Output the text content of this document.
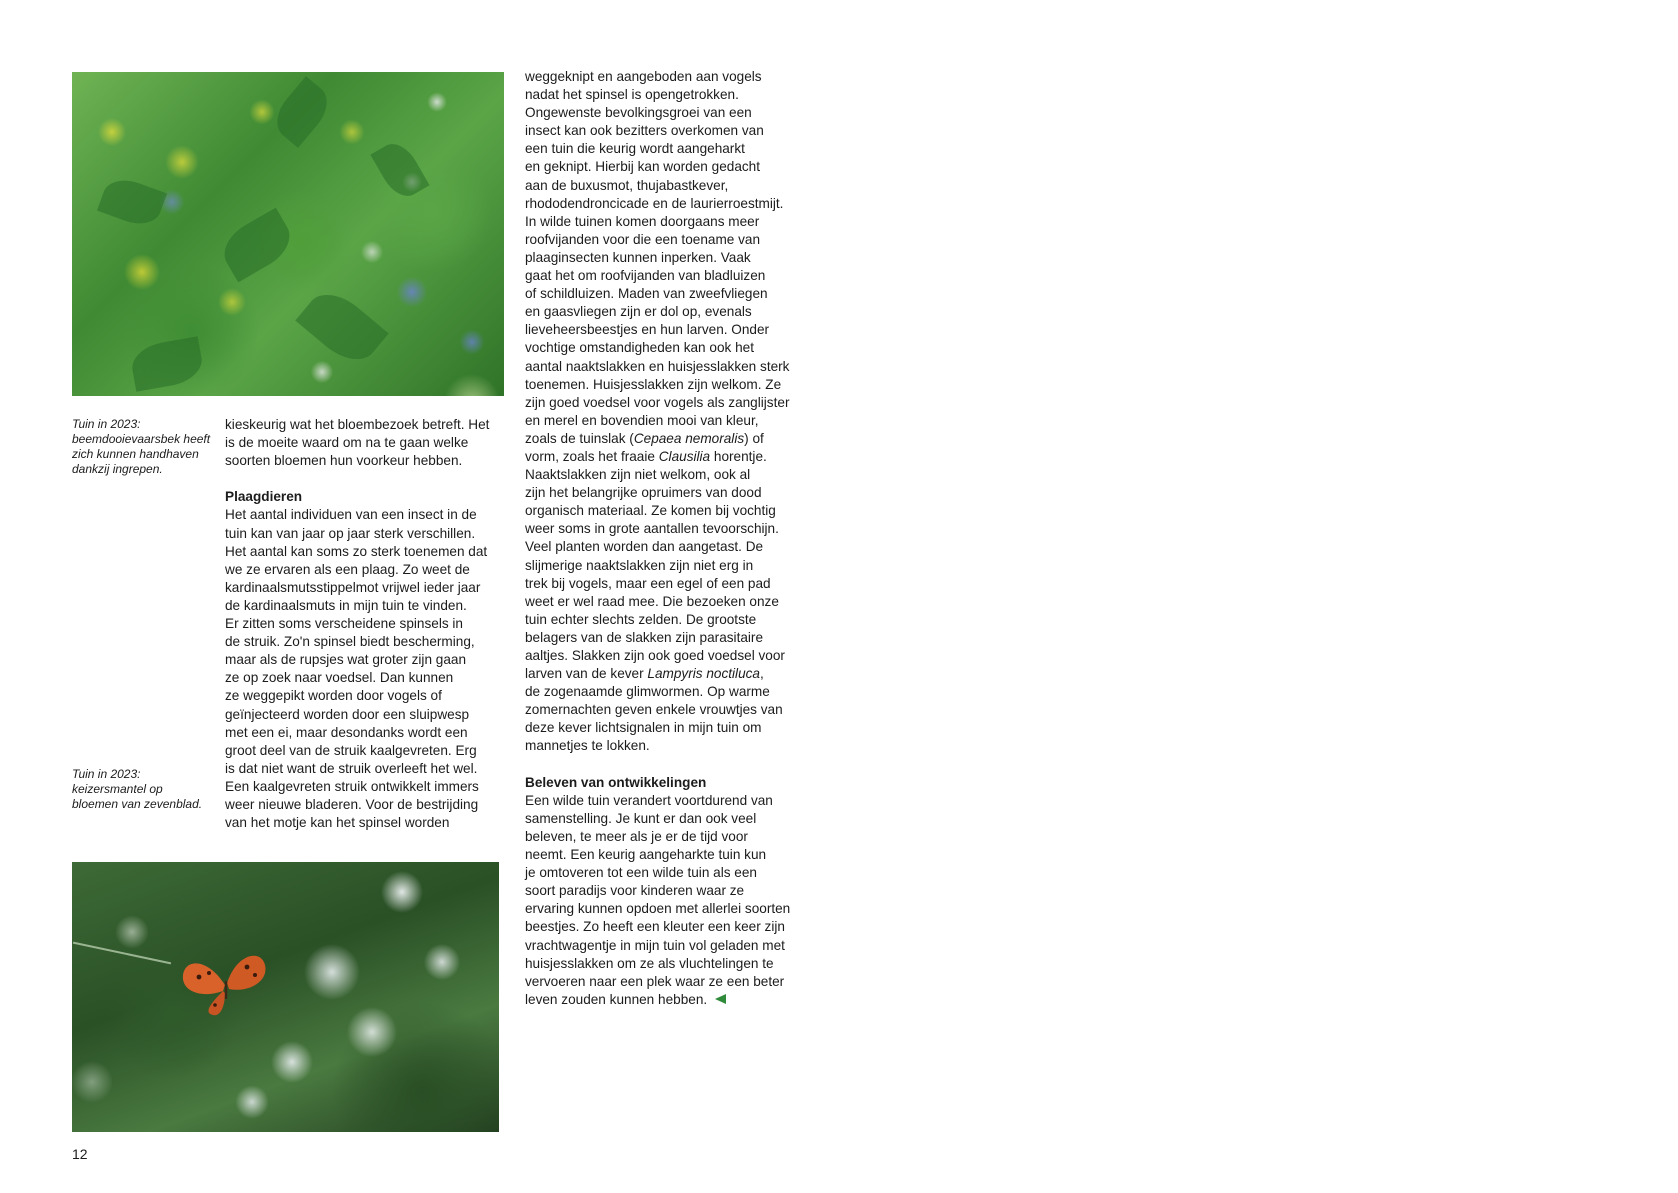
Tuin in 2023: beemdooievaarsbek heeft zich kunnen handhaven dankzij ingrepen.
Tuin in 2023: keizersmantel op bloemen van zevenblad.

kieskeurig wat het bloembezoek betreft. Het

is de moeite waard om na te gaan welke

soorten bloemen hun voorkeur hebben.

Plaagdieren

Het aantal individuen van een insect in de

tuin kan van jaar op jaar sterk verschillen.

Het aantal kan soms zo sterk toenemen dat

we ze ervaren als een plaag. Zo weet de

kardinaalsmutsstippelmot vrijwel ieder jaar

de kardinaalsmuts in mijn tuin te vinden.

Er zitten soms verscheidene spinsels in

de struik. Zo'n spinsel biedt bescherming,

maar als de rupsjes wat groter zijn gaan

ze op zoek naar voedsel. Dan kunnen

ze weggepikt worden door vogels of

geïnjecteerd worden door een sluipwesp

met een ei, maar desondanks wordt een

groot deel van de struik kaalgevreten. Erg

is dat niet want de struik overleeft het wel.

Een kaalgevreten struik ontwikkelt immers

weer nieuwe bladeren. Voor de bestrijding

van het motje kan het spinsel worden

weggeknipt en aangeboden aan vogels

nadat het spinsel is opengetrokken.

Ongewenste bevolkingsgroei van een

insect kan ook bezitters overkomen van

een tuin die keurig wordt aangeharkt

en geknipt. Hierbij kan worden gedacht

aan de buxusmot, thujabastkever,

rhododendroncicade en de laurierroestmijt.

In wilde tuinen komen doorgaans meer

roofvijanden voor die een toename van

plaaginsecten kunnen inperken. Vaak

gaat het om roofvijanden van bladluizen

of schildluizen. Maden van zweefvliegen

en gaasvliegen zijn er dol op, evenals

lieveheersbeestjes en hun larven. Onder

vochtige omstandigheden kan ook het

aantal naaktslakken en huisjesslakken sterk

toenemen. Huisjesslakken zijn welkom. Ze

zijn goed voedsel voor vogels als zanglijster

en merel en bovendien mooi van kleur,

zoals de tuinslak (Cepaea nemoralis) of

vorm, zoals het fraaie Clausilia horentje.

Naaktslakken zijn niet welkom, ook al

zijn het belangrijke opruimers van dood

organisch materiaal. Ze komen bij vochtig

weer soms in grote aantallen tevoorschijn.

Veel planten worden dan aangetast. De

slijmerige naaktslakken zijn niet erg in

trek bij vogels, maar een egel of een pad

weet er wel raad mee. Die bezoeken onze

tuin echter slechts zelden. De grootste

belagers van de slakken zijn parasitaire

aaltjes. Slakken zijn ook goed voedsel voor

larven van de kever Lampyris noctiluca,

de zogenaamde glimwormen. Op warme

zomernachten geven enkele vrouwtjes van

deze kever lichtsignalen in mijn tuin om

mannetjes te lokken.

Beleven van ontwikkelingen

Een wilde tuin verandert voortdurend van

samenstelling. Je kunt er dan ook veel

beleven, te meer als je er de tijd voor

neemt. Een keurig aangeharkte tuin kun

je omtoveren tot een wilde tuin als een

soort paradijs voor kinderen waar ze

ervaring kunnen opdoen met allerlei soorten

beestjes. Zo heeft een kleuter een keer zijn

vrachtwagentje in mijn tuin vol geladen met

huisjesslakken om ze als vluchtelingen te

vervoeren naar een plek waar ze een beter

leven zouden kunnen hebben.

12
